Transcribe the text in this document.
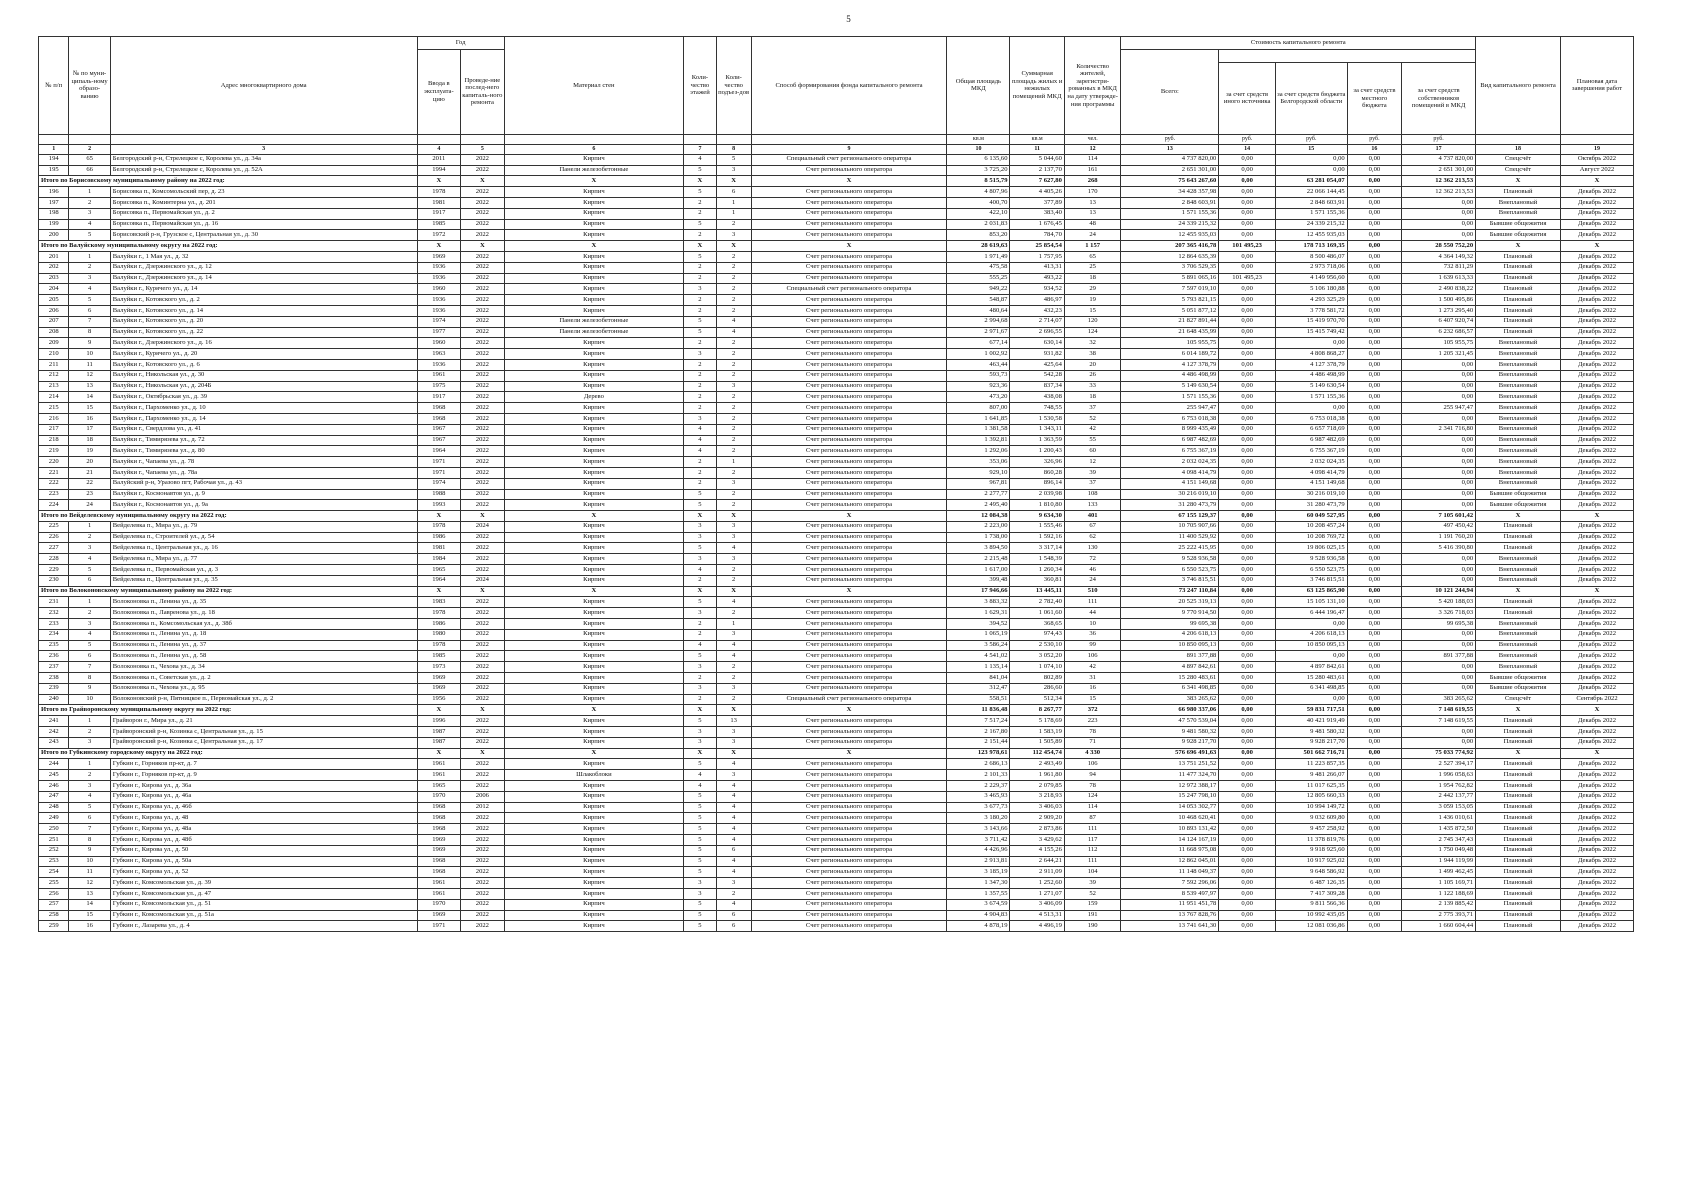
5
№ п/п	№ по муни-ципаль-ному образо-ванию	Адрес многоквартирного дома	Год		Материал стен	Коли-чество этажей	Коли-чество подъез-дов	Способ формирования фонда капитального ремонта	Общая площадь МКД	Суммарная площадь жилых и нежилых помещений МКД	Количество жителей, зарегистри-рованных в МКД на дату утвержде-ния программы	Стоимость капитального ремонта					Вид капитального ремонта	Плановая дата завершения работ
			Ввода в эксплуата-цию	Проведе-ние послед-него капиталь-ного ремонта								Всего:						
													за счет средств иного источника	за счет средств бюджета Белгородской области	за счет средств местного бюджета	за счет средств собственников помещений в МКД		
									кв.м	кв.м	чел.	руб.	руб.	руб.	руб.	руб.		
1	2	3	4	5	6	7	8	9	10	11	12	13	14	15	16	17	18	19
194	65	Белгородский р-н, Стрелецкое с, Королева ул., д. 34а	2011	2022	Кирпич	4	5	Специальный счет регионального оператора	6 135,60	5 044,60	114	4 737 820,00	0,00	0,00	0,00	4 737 820,00	Спецсчёт	Октябрь 2022
195	66	Белгородский р-н, Стрелецкое с, Королева ул., д. 52А	1994	2022	Панели железобетонные	5	3	Счет регионального оператора	3 725,20	2 137,70	161	2 651 301,00	0,00	0,00	0,00	2 651 301,00	Спецсчёт	Август 2022
Итого по Борисовскому муниципальному району на 2022 год:			X	X	X	X	X	X	8 515,79	7 627,80	268	75 643 267,60	0,00	63 281 054,07	0,00	12 362 213,53	X	X
196	1	Борисовка п., Комсомольский пер, д. 23	1978	2022	Кирпич	5	6	Счет регионального оператора	4 807,96	4 405,26	170	34 428 357,98	0,00	22 066 144,45	0,00	12 362 213,53	Плановый	Декабрь 2022
197	2	Борисовка п., Коминтерна ул., д. 201	1981	2022	Кирпич	2	1	Счет регионального оператора	400,70	377,89	13	2 848 603,91	0,00	2 848 603,91	0,00	0,00	Внеплановый	Декабрь 2022
198	3	Борисовка п., Первомайская ул., д. 2	1917	2022	Кирпич	2	1	Счет регионального оператора	422,10	383,40	13	1 571 155,36	0,00	1 571 155,36	0,00	0,00	Внеплановый	Декабрь 2022
199	4	Борисовка п., Первомайская ул., д. 16	1985	2022	Кирпич	5	2	Счет регионального оператора	2 031,83	1 676,45	48	24 339 215,32	0,00	24 339 215,32	0,00	0,00	Бывшие общежития	Декабрь 2022
200	5	Борисовский р-н, Грузское с, Центральная ул., д. 30	1972	2022	Кирпич	2	3	Счет регионального оператора	853,20	784,70	24	12 455 935,03	0,00	12 455 935,03	0,00	0,00	Бывшие общежития	Декабрь 2022
Итого по Валуйскому муниципальному округу на 2022 год:			X	X	X	X	X	X	28 619,63	25 854,54	1 157	207 365 416,78	101 495,23	178 713 169,35	0,00	28 550 752,20	X	X
201	1	Валуйки г., 1 Мая ул., д. 32	1969	2022	Кирпич	5	2	Счет регионального оператора	1 971,49	1 757,95	65	12 864 635,39	0,00	8 500 486,07	0,00	4 364 149,32	Плановый	Декабрь 2022
202	2	Валуйки г., Дзержинского ул., д. 12	1936	2022	Кирпич	2	2	Счет регионального оператора	475,58	413,31	25	3 706 529,35	0,00	2 973 718,06	0,00	732 811,29	Плановый	Декабрь 2022
203	3	Валуйки г., Дзержинского ул., д. 14	1936	2022	Кирпич	2	2	Счет регионального оператора	555,25	493,22	18	5 891 065,16	101 495,23	4 149 956,60	0,00	1 639 613,33	Плановый	Декабрь 2022
204	4	Валуйки г., Курячего ул., д. 14	1960	2022	Кирпич	3	2	Специальный счет регионального оператора	949,22	934,52	29	7 597 019,10	0,00	5 106 180,88	0,00	2 490 838,22	Плановый	Декабрь 2022
205	5	Валуйки г., Котовского ул., д. 2	1936	2022	Кирпич	2	2	Счет регионального оператора	548,87	486,97	19	5 793 821,15	0,00	4 293 325,29	0,00	1 500 495,86	Плановый	Декабрь 2022
206	6	Валуйки г., Котовского ул., д. 14	1936	2022	Кирпич	2	2	Счет регионального оператора	480,64	432,23	15	5 051 877,12	0,00	3 778 581,72	0,00	1 273 295,40	Плановый	Декабрь 2022
207	7	Валуйки г., Котовского ул., д. 20	1974	2022	Панели железобетонные	5	4	Счет регионального оператора	2 994,68	2 714,07	120	21 827 891,44	0,00	15 419 970,70	0,00	6 407 920,74	Плановый	Декабрь 2022
208	8	Валуйки г., Котовского ул., д. 22	1977	2022	Панели железобетонные	5	4	Счет регионального оператора	2 971,67	2 696,55	124	21 648 435,99	0,00	15 415 749,42	0,00	6 232 686,57	Плановый	Декабрь 2022
209	9	Валуйки г., Дзержинского ул., д. 16	1960	2022	Кирпич	2	2	Счет регионального оператора	677,14	630,14	32	105 955,75	0,00	0,00	0,00	105 955,75	Внеплановый	Декабрь 2022
210	10	Валуйки г., Курячего ул., д. 20	1963	2022	Кирпич	3	2	Счет регионального оператора	1 002,92	931,82	38	6 014 189,72	0,00	4 808 868,27	0,00	1 205 321,45	Внеплановый	Декабрь 2022
211	11	Валуйки г., Котовского ул., д. 6	1936	2022	Кирпич	2	2	Счет регионального оператора	463,44	425,64	20	4 127 378,79	0,00	4 127 378,79	0,00	0,00	Внеплановый	Декабрь 2022
212	12	Валуйки г., Никольская ул., д. 30	1961	2022	Кирпич	2	2	Счет регионального оператора	593,73	542,28	26	4 486 498,99	0,00	4 486 498,99	0,00	0,00	Внеплановый	Декабрь 2022
213	13	Валуйки г., Никольская ул., д. 204Б	1975	2022	Кирпич	2	3	Счет регионального оператора	923,36	837,34	33	5 149 630,54	0,00	5 149 630,54	0,00	0,00	Внеплановый	Декабрь 2022
214	14	Валуйки г., Октябрьская ул., д. 39	1917	2022	Дерево	2	2	Счет регионального оператора	473,20	438,08	18	1 571 155,36	0,00	1 571 155,36	0,00	0,00	Внеплановый	Декабрь 2022
215	15	Валуйки г., Пархоменко ул., д. 10	1968	2022	Кирпич	2	2	Счет регионального оператора	807,00	748,55	37	255 947,47	0,00	0,00	0,00	255 947,47	Внеплановый	Декабрь 2022
216	16	Валуйки г., Пархоменко ул., д. 14	1968	2022	Кирпич	3	2	Счет регионального оператора	1 641,85	1 530,58	52	6 753 018,38	0,00	6 753 018,38	0,00	0,00	Внеплановый	Декабрь 2022
217	17	Валуйки г., Свердлова ул., д. 41	1967	2022	Кирпич	4	2	Счет регионального оператора	1 381,58	1 343,11	42	8 999 435,49	0,00	6 657 718,69	0,00	2 341 716,80	Внеплановый	Декабрь 2022
218	18	Валуйки г., Тимирязева ул., д. 72	1967	2022	Кирпич	4	2	Счет регионального оператора	1 392,81	1 363,59	55	6 987 482,69	0,00	6 987 482,69	0,00	0,00	Внеплановый	Декабрь 2022
219	19	Валуйки г., Тимирязева ул., д. 80	1964	2022	Кирпич	4	2	Счет регионального оператора	1 292,06	1 200,43	60	6 755 367,19	0,00	6 755 367,19	0,00	0,00	Внеплановый	Декабрь 2022
220	20	Валуйки г., Чапаева ул., д. 78	1971	2022	Кирпич	2	1	Счет регионального оператора	353,06	326,96	12	2 032 024,35	0,00	2 032 024,35	0,00	0,00	Внеплановый	Декабрь 2022
221	21	Валуйки г., Чапаева ул., д. 78а	1971	2022	Кирпич	2	2	Счет регионального оператора	929,10	860,28	39	4 098 414,79	0,00	4 098 414,79	0,00	0,00	Внеплановый	Декабрь 2022
222	22	Валуйский р-н, Уразово пгт, Рабочая ул., д. 43	1974	2022	Кирпич	2	3	Счет регионального оператора	967,81	896,14	37	4 151 149,68	0,00	4 151 149,68	0,00	0,00	Внеплановый	Декабрь 2022
223	23	Валуйки г., Космонавтов ул., д. 9	1988	2022	Кирпич	5	2	Счет регионального оператора	2 277,77	2 039,98	108	30 216 019,10	0,00	30 216 019,10	0,00	0,00	Бывшие общежития	Декабрь 2022
224	24	Валуйки г., Космонавтов ул., д. 9а	1993	2022	Кирпич	5	2	Счет регионального оператора	2 495,40	1 810,80	133	31 280 473,79	0,00	31 280 473,79	0,00	0,00	Бывшие общежития	Декабрь 2022
Итого по Вейделевскому муниципальному округу на 2022 год:			X	X	X	X	X	X	12 084,38	9 634,30	401	67 155 129,37	0,00	60 049 527,95	0,00	7 105 601,42	X	X
225	1	Вейделевка п., Мира ул., д. 79	1978	2024	Кирпич	3	3	Счет регионального оператора	2 223,00	1 555,46	67	10 705 907,66	0,00	10 208 457,24	0,00	497 450,42	Плановый	Декабрь 2022
226	2	Вейделевка п., Строителей ул., д. 54	1986	2022	Кирпич	3	3	Счет регионального оператора	1 738,00	1 592,16	62	11 400 529,92	0,00	10 208 769,72	0,00	1 191 760,20	Плановый	Декабрь 2022
227	3	Вейделевка п., Центральная ул., д. 16	1981	2022	Кирпич	5	4	Счет регионального оператора	3 894,50	3 317,14	130	25 222 415,95	0,00	19 806 025,15	0,00	5 416 390,80	Плановый	Декабрь 2022
228	4	Вейделевка п., Мира ул., д. 77	1984	2022	Кирпич	3	3	Счет регионального оператора	2 215,48	1 548,39	72	9 528 936,58	0,00	9 528 936,58	0,00	0,00	Внеплановый	Декабрь 2022
229	5	Вейделевка п., Первомайская ул., д. 3	1965	2022	Кирпич	4	2	Счет регионального оператора	1 617,00	1 260,34	46	6 550 523,75	0,00	6 550 523,75	0,00	0,00	Внеплановый	Декабрь 2022
230	6	Вейделевка п., Центральная ул., д. 35	1964	2024	Кирпич	2	2	Счет регионального оператора	399,48	360,81	24	3 746 815,51	0,00	3 746 815,51	0,00	0,00	Внеплановый	Декабрь 2022
Итого по Волоконовскому муниципальному району на 2022 год:			X	X	X	X	X	X	17 946,66	13 445,11	510	73 247 110,84	0,00	63 125 865,90	0,00	10 121 244,94	X	X
231	1	Волоконовка п., Ленина ул., д. 35	1983	2022	Кирпич	5	4	Счет регионального оператора	3 883,32	2 782,40	111	20 525 319,13	0,00	15 105 131,10	0,00	5 420 188,03	Плановый	Декабрь 2022
232	2	Волоконовка п., Лавренова ул., д. 18	1978	2022	Кирпич	3	2	Счет регионального оператора	1 629,31	1 061,60	44	9 770 914,50	0,00	6 444 196,47	0,00	3 326 718,03	Плановый	Декабрь 2022
233	3	Волоконовка п., Комсомольская ул., д. 38б	1986	2022	Кирпич	2	1	Счет регионального оператора	394,52	368,65	10	99 695,38	0,00	0,00	0,00	99 695,38	Внеплановый	Декабрь 2022
234	4	Волоконовка п., Ленина ул., д. 18	1980	2022	Кирпич	2	3	Счет регионального оператора	1 065,19	974,43	36	4 206 618,13	0,00	4 206 618,13	0,00	0,00	Внеплановый	Декабрь 2022
235	5	Волоконовка п., Ленина ул., д. 37	1978	2022	Кирпич	4	4	Счет регионального оператора	3 586,24	2 530,10	99	10 850 095,13	0,00	10 850 095,13	0,00	0,00	Внеплановый	Декабрь 2022
236	6	Волоконовка п., Ленина ул., д. 58	1985	2022	Кирпич	5	4	Счет регионального оператора	4 541,02	3 052,20	106	891 377,88	0,00	0,00	0,00	891 377,88	Внеплановый	Декабрь 2022
237	7	Волоконовка п., Чехова ул., д. 34	1973	2022	Кирпич	3	2	Счет регионального оператора	1 135,14	1 074,10	42	4 897 842,61	0,00	4 897 842,61	0,00	0,00	Внеплановый	Декабрь 2022
238	8	Волоконовка п., Советская ул., д. 2	1969	2022	Кирпич	2	2	Счет регионального оператора	841,04	802,89	31	15 280 483,61	0,00	15 280 483,61	0,00	0,00	Бывшие общежития	Декабрь 2022
239	9	Волоконовка п., Чехова ул., д. 95	1969	2022	Кирпич	3	3	Счет регионального оператора	312,47	286,60	16	6 341 498,85	0,00	6 341 498,85	0,00	0,00	Бывшие общежития	Декабрь 2022
240	10	Волоконовский р-н, Пятницкое п., Первомайская ул., д. 2	1956	2022	Кирпич	2	2	Специальный счет регионального оператора	558,51	512,34	15	383 265,62	0,00	0,00	0,00	383 265,62	Спецсчёт	Сентябрь 2022
Итого по Грайворонскому муниципальному округу на 2022 год:			X	X	X	X	X	X	11 836,48	8 267,77	372	66 980 337,06	0,00	59 831 717,51	0,00	7 148 619,55	X	X
241	1	Грайворон г., Мира ул., д. 21	1996	2022	Кирпич	5	13	Счет регионального оператора	7 517,24	5 178,69	223	47 570 539,04	0,00	40 421 919,49	0,00	7 148 619,55	Плановый	Декабрь 2022
242	2	Грайворонский р-н, Козинка с, Центральная ул., д. 15	1987	2022	Кирпич	3	3	Счет регионального оператора	2 167,80	1 583,19	78	9 481 580,32	0,00	9 481 580,32	0,00	0,00	Плановый	Декабрь 2022
243	3	Грайворонский р-н, Козинка с, Центральная ул., д. 17	1987	2022	Кирпич	3	3	Счет регионального оператора	2 151,44	1 505,89	71	9 928 217,70	0,00	9 928 217,70	0,00	0,00	Плановый	Декабрь 2022
Итого по Губкинскому городскому округу на 2022 год:			X	X	X	X	X	X	123 978,61	112 454,74	4 330	576 696 491,63	0,00	501 662 716,71	0,00	75 033 774,92	X	X
244	1	Губкин г., Горняков пр-кт, д. 7	1961	2022	Кирпич	5	4	Счет регионального оператора	2 686,13	2 493,49	106	13 751 251,52	0,00	11 223 857,35	0,00	2 527 394,17	Плановый	Декабрь 2022
245	2	Губкин г., Горняков пр-кт, д. 9	1961	2022	Шлакоблоки	4	3	Счет регионального оператора	2 101,33	1 961,80	94	11 477 324,70	0,00	9 481 266,07	0,00	1 996 058,63	Плановый	Декабрь 2022
246	3	Губкин г., Кирова ул., д. 36а	1965	2022	Кирпич	4	4	Счет регионального оператора	2 229,37	2 079,85	78	12 972 388,17	0,00	11 017 625,35	0,00	1 954 762,82	Плановый	Декабрь 2022
247	4	Губкин г., Кирова ул., д. 46а	1970	2006	Кирпич	5	4	Счет регионального оператора	3 465,93	3 218,93	124	15 247 798,10	0,00	12 805 660,33	0,00	2 442 137,77	Плановый	Декабрь 2022
248	5	Губкин г., Кирова ул., д. 46б	1968	2012	Кирпич	5	4	Счет регионального оператора	3 677,73	3 406,03	114	14 053 302,77	0,00	10 994 149,72	0,00	3 059 153,05	Плановый	Декабрь 2022
249	6	Губкин г., Кирова ул., д. 48	1968	2022	Кирпич	5	4	Счет регионального оператора	3 180,20	2 909,20	87	10 468 620,41	0,00	9 032 609,80	0,00	1 436 010,61	Плановый	Декабрь 2022
250	7	Губкин г., Кирова ул., д. 48а	1968	2022	Кирпич	5	4	Счет регионального оператора	3 143,66	2 873,86	111	10 893 131,42	0,00	9 457 258,92	0,00	1 435 872,50	Плановый	Декабрь 2022
251	8	Губкин г., Кирова ул., д. 48б	1969	2022	Кирпич	5	4	Счет регионального оператора	3 711,42	3 429,62	117	14 124 167,19	0,00	11 378 819,76	0,00	2 745 347,43	Плановый	Декабрь 2022
252	9	Губкин г., Кирова ул., д. 50	1969	2022	Кирпич	5	6	Счет регионального оператора	4 426,96	4 155,26	112	11 668 975,08	0,00	9 918 925,60	0,00	1 750 049,48	Плановый	Декабрь 2022
253	10	Губкин г., Кирова ул., д. 50а	1968	2022	Кирпич	5	4	Счет регионального оператора	2 913,81	2 644,21	111	12 862 045,01	0,00	10 917 925,02	0,00	1 944 119,99	Плановый	Декабрь 2022
254	11	Губкин г., Кирова ул., д. 52	1968	2022	Кирпич	5	4	Счет регионального оператора	3 185,19	2 911,09	104	11 148 049,37	0,00	9 648 586,92	0,00	1 499 462,45	Плановый	Декабрь 2022
255	12	Губкин г., Комсомольская ул., д. 39	1961	2022	Кирпич	3	3	Счет регионального оператора	1 347,30	1 252,60	39	7 592 296,06	0,00	6 487 126,35	0,00	1 105 169,71	Плановый	Декабрь 2022
256	13	Губкин г., Комсомольская ул., д. 47	1961	2022	Кирпич	3	2	Счет регионального оператора	1 357,55	1 271,07	52	8 539 497,97	0,00	7 417 309,28	0,00	1 122 188,69	Плановый	Декабрь 2022
257	14	Губкин г., Комсомольская ул., д. 51	1970	2022	Кирпич	5	4	Счет регионального оператора	3 674,59	3 406,09	159	11 951 451,78	0,00	9 811 566,36	0,00	2 139 885,42	Плановый	Декабрь 2022
258	15	Губкин г., Комсомольская ул., д. 51а	1969	2022	Кирпич	5	6	Счет регионального оператора	4 904,83	4 513,31	191	13 767 828,76	0,00	10 992 435,05	0,00	2 775 393,71	Плановый	Декабрь 2022
259	16	Губкин г., Лазарева ул., д. 4	1971	2022	Кирпич	5	6	Счет регионального оператора	4 878,19	4 496,19	190	13 741 641,30	0,00	12 081 036,86	0,00	1 660 604,44	Плановый	Декабрь 2022
